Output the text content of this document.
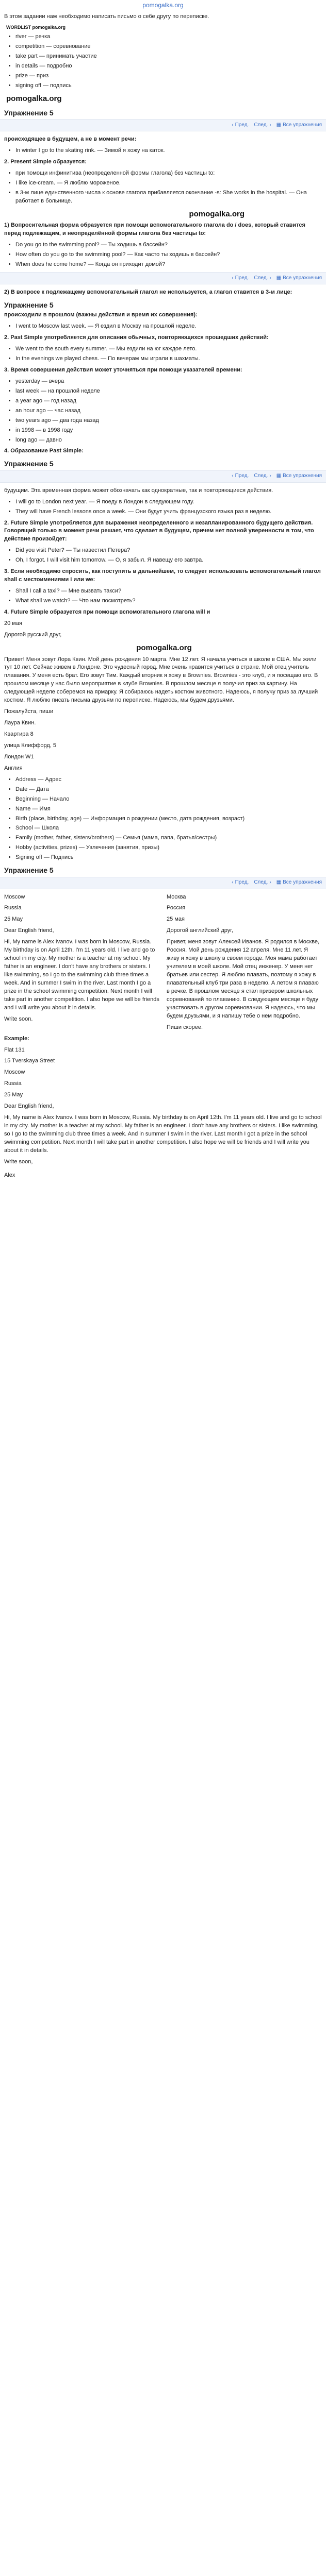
pomogalka.org

В этом задании нам необходимо написать письмо о себе другу по переписке.

WORDLIST pomogalka.org
• river — речка
• competition — соревнование
• take part — принимать участие
• in details — подробно
• prize — приз
• signing off — подпись
pomogalka.org
Упражнение 5
‹ Пред. След. › ▦ Все упражнения

происходящее в будущем, а не в момент речи:

• In winter I go to the skating rink. — Зимой я хожу на каток.

2. Present Simple образуется:

• при помощи инфинитива (неопределенной формы глагола) без частицы to:
• I like ice-cream. — Я люблю мороженое.
• в 3-м лице единственного числа к основе глагола прибавляется окончание -s: She works in the hospital. — Она работает в больнице.
pomogalka.org

1) Вопросительная форма образуется при помощи вспомогательного глагола do / does, который ставится перед подлежащим, и неопределённой формы глагола без частицы to:

• Do you go to the swimming pool? — Ты ходишь в бассейн?
• How often do you go to the swimming pool? — Как часто ты ходишь в бассейн?
• When does he come home? — Когда он приходит домой?
‹ Пред. След. › ▦ Все упражнения

2) В вопросе к подлежащему вспомогательный глагол не используется, а глагол ставится в 3-м лице:

Упражнение 5

происходили в прошлом (важны действия и время их совершения):

• I went to Moscow last week. — Я ездил в Москву на прошлой неделе.

2. Past Simple употребляется для описания обычных, повторяющихся прошедших действий:

• We went to the south every summer. — Мы ездили на юг каждое лето.
• In the evenings we played chess. — По вечерам мы играли в шахматы.

3. Время совершения действия может уточняться при помощи указателей времени:

• yesterday — вчера
• last week — на прошлой неделе
• a year ago — год назад
• an hour ago — час назад
• two years ago — два года назад
• in 1998 — в 1998 году
• long ago — давно

4. Образование Past Simple:

Упражнение 5
‹ Пред. След. › ▦ Все упражнения

будущим. Эта временная форма может обозначать как однократные, так и повторяющиеся действия.

• I will go to London next year. — Я поеду в Лондон в следующем году.
• They will have French lessons once a week. — Они будут учить французского языка раз в неделю.

2. Future Simple употребляется для выражения неопределенного и незапланированного будущего действия. Говорящий только в момент речи решает, что сделает в будущем, причем нет полной уверенности в том, что действие произойдет:

• Did you visit Peter? — Ты навестил Петера?
• Oh, I forgot. I will visit him tomorrow. — О, я забыл. Я навещу его завтра.

3. Если необходимо спросить, как поступить в дальнейшем, то следует использовать вспомогательный глагол shall с местоимениями I или we:

• Shall I call a taxi? — Мне вызвать такси?
• What shall we watch? — Что нам посмотреть?

4. Future Simple образуется при помощи вспомогательного глагола will и

20 мая

Дорогой русский друг,

pomogalka.org

Привет! Меня зовут Лора Квин. Мой день рождения 10 марта. Мне 12 лет. Я начала учиться в школе в США. Мы жили тут 10 лет. Сейчас живем в Лондоне. Это чудесный город. Мне очень нравится учиться в стране. Мой отец учитель плавания. У меня есть брат. Его зовут Тим. Каждый вторник я хожу в Brownies. Brownies - это клуб, и я посещаю его. В прошлом месяце у нас было мероприятие в клубе Brownies. В прошлом месяце я получил приз за картину. На следующей неделе соберемся на ярмарку. Я собираюсь надеть костюм животного. Надеюсь, я получу приз за лучший костюм. Я люблю писать письма друзьям по переписке. Надеюсь, мы будем друзьями.

Пожалуйста, пиши

Лаура Квин.

Квартира 8

улица Клиффорд, 5

Лондон W1

Англия

• Address — Адрес
• Date — Дата
• Beginning — Начало
• Name — Имя
• Birth (place, birthday, age) — Информация о рождении (место, дата рождения, возраст)
• School — Школа
• Family (mother, father, sisters/brothers) — Семья (мама, папа, братья/сестры)
• Hobby (activities, prizes) — Увлечения (занятия, призы)
• Signing off — Подпись
Упражнение 5
‹ Пред. След. › ▦ Все упражнения

Moscow

Russia

25 May

Dear English friend,

Hi, My name is Alex Ivanov. I was born in Moscow, Russia. My birthday is on April 12th. I'm 11 years old. I live and go to school in my city. My mother is a teacher at my school. My father is an engineer. I don't have any brothers or sisters. I like swimming, so I go to the swimming club three times a week. And in summer I swim in the river. Last month I go a prize in the school swimming competition. Next month I will take part in another competition. I also hope we will be friends and I will write you about it in details.

Write soon.

Москва

Россия

25 мая

Дорогой английский друг,

Привет, меня зовут Алексей Иванов. Я родился в Москве, Россия. Мой день рождения 12 апреля. Мне 11 лет. Я живу и хожу в школу в своем городе. Моя мама работает учителем в моей школе. Мой отец инженер. У меня нет братьев или сестер. Я люблю плавать, поэтому я хожу в плавательный клуб три раза в неделю. А летом я плаваю в речке. В прошлом месяце я стал призером школьных соревнований по плаванию. В следующем месяце я буду участвовать в другом соревновании. Я надеюсь, что мы будем друзьями, и я напишу тебе о нем подробно.

Пиши скорее.

Example:

Flat 131

15 Tverskaya Street

Moscow

Russia

25 May

Dear English friend,

Hi, My name is Alex Ivanov. I was born in Moscow, Russia. My birthday is on April 12th. I'm 11 years old. I live and go to school in my city. My mother is a teacher at my school. My father is an engineer. I don't have any brothers or sisters. I like swimming, so I go to the swimming club three times a week. And in summer I swim in the river. Last month I got a prize in the school swimming competition. Next month I will take part in another competition. I also hope we will be friends and I will write you about it in details.

Write soon,

Alex
